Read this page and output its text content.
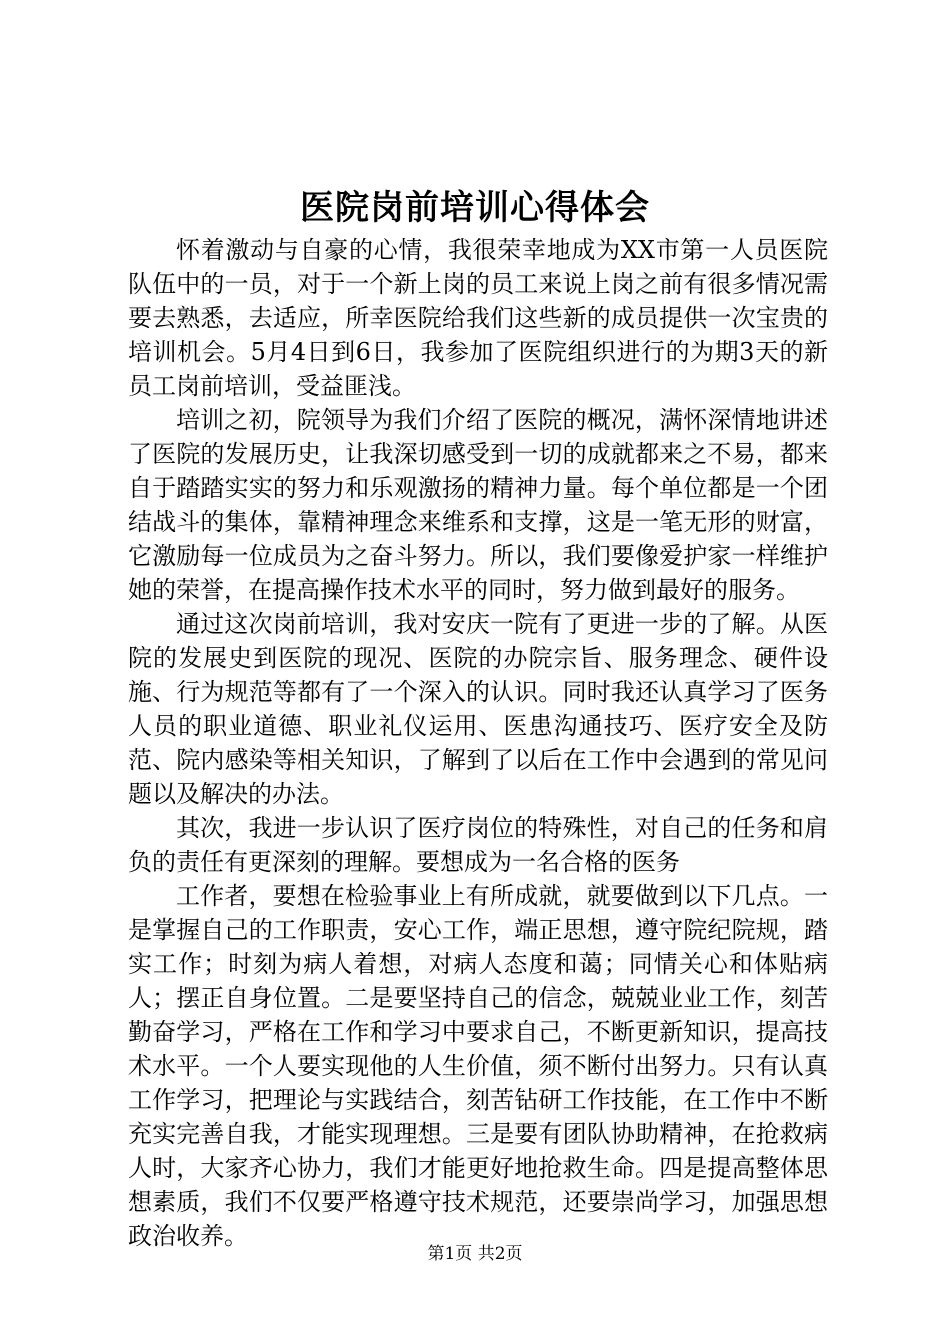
医院岗前培训心得体会

怀着激动与自豪的心情，我很荣幸地成为XX市第一人员医院队伍中的一员，对于一个新上岗的员工来说上岗之前有很多情况需要去熟悉，去适应，所幸医院给我们这些新的成员提供一次宝贵的培训机会。5月4日到6日，我参加了医院组织进行的为期3天的新员工岗前培训，受益匪浅。

培训之初，院领导为我们介绍了医院的概况，满怀深情地讲述了医院的发展历史，让我深切感受到一切的成就都来之不易，都来自于踏踏实实的努力和乐观激扬的精神力量。每个单位都是一个团结战斗的集体，靠精神理念来维系和支撑，这是一笔无形的财富，它激励每一位成员为之奋斗努力。所以，我们要像爱护家一样维护她的荣誉，在提高操作技术水平的同时，努力做到最好的服务。

通过这次岗前培训，我对安庆一院有了更进一步的了解。从医院的发展史到医院的现况、医院的办院宗旨、服务理念、硬件设施、行为规范等都有了一个深入的认识。同时我还认真学习了医务人员的职业道德、职业礼仪运用、医患沟通技巧、医疗安全及防范、院内感染等相关知识，了解到了以后在工作中会遇到的常见问题以及解决的办法。

其次，我进一步认识了医疗岗位的特殊性，对自己的任务和肩负的责任有更深刻的理解。要想成为一名合格的医务

工作者，要想在检验事业上有所成就，就要做到以下几点。一是掌握自己的工作职责，安心工作，端正思想，遵守院纪院规，踏实工作；时刻为病人着想，对病人态度和蔼；同情关心和体贴病人；摆正自身位置。二是要坚持自己的信念，兢兢业业工作，刻苦勤奋学习，严格在工作和学习中要求自己，不断更新知识，提高技术水平。一个人要实现他的人生价值，须不断付出努力。只有认真工作学习，把理论与实践结合，刻苦钻研工作技能，在工作中不断充实完善自我，才能实现理想。三是要有团队协助精神，在抢救病人时，大家齐心协力，我们才能更好地抢救生命。四是提高整体思想素质，我们不仅要严格遵守技术规范，还要崇尚学习，加强思想政治收养。

第1页 共2页
